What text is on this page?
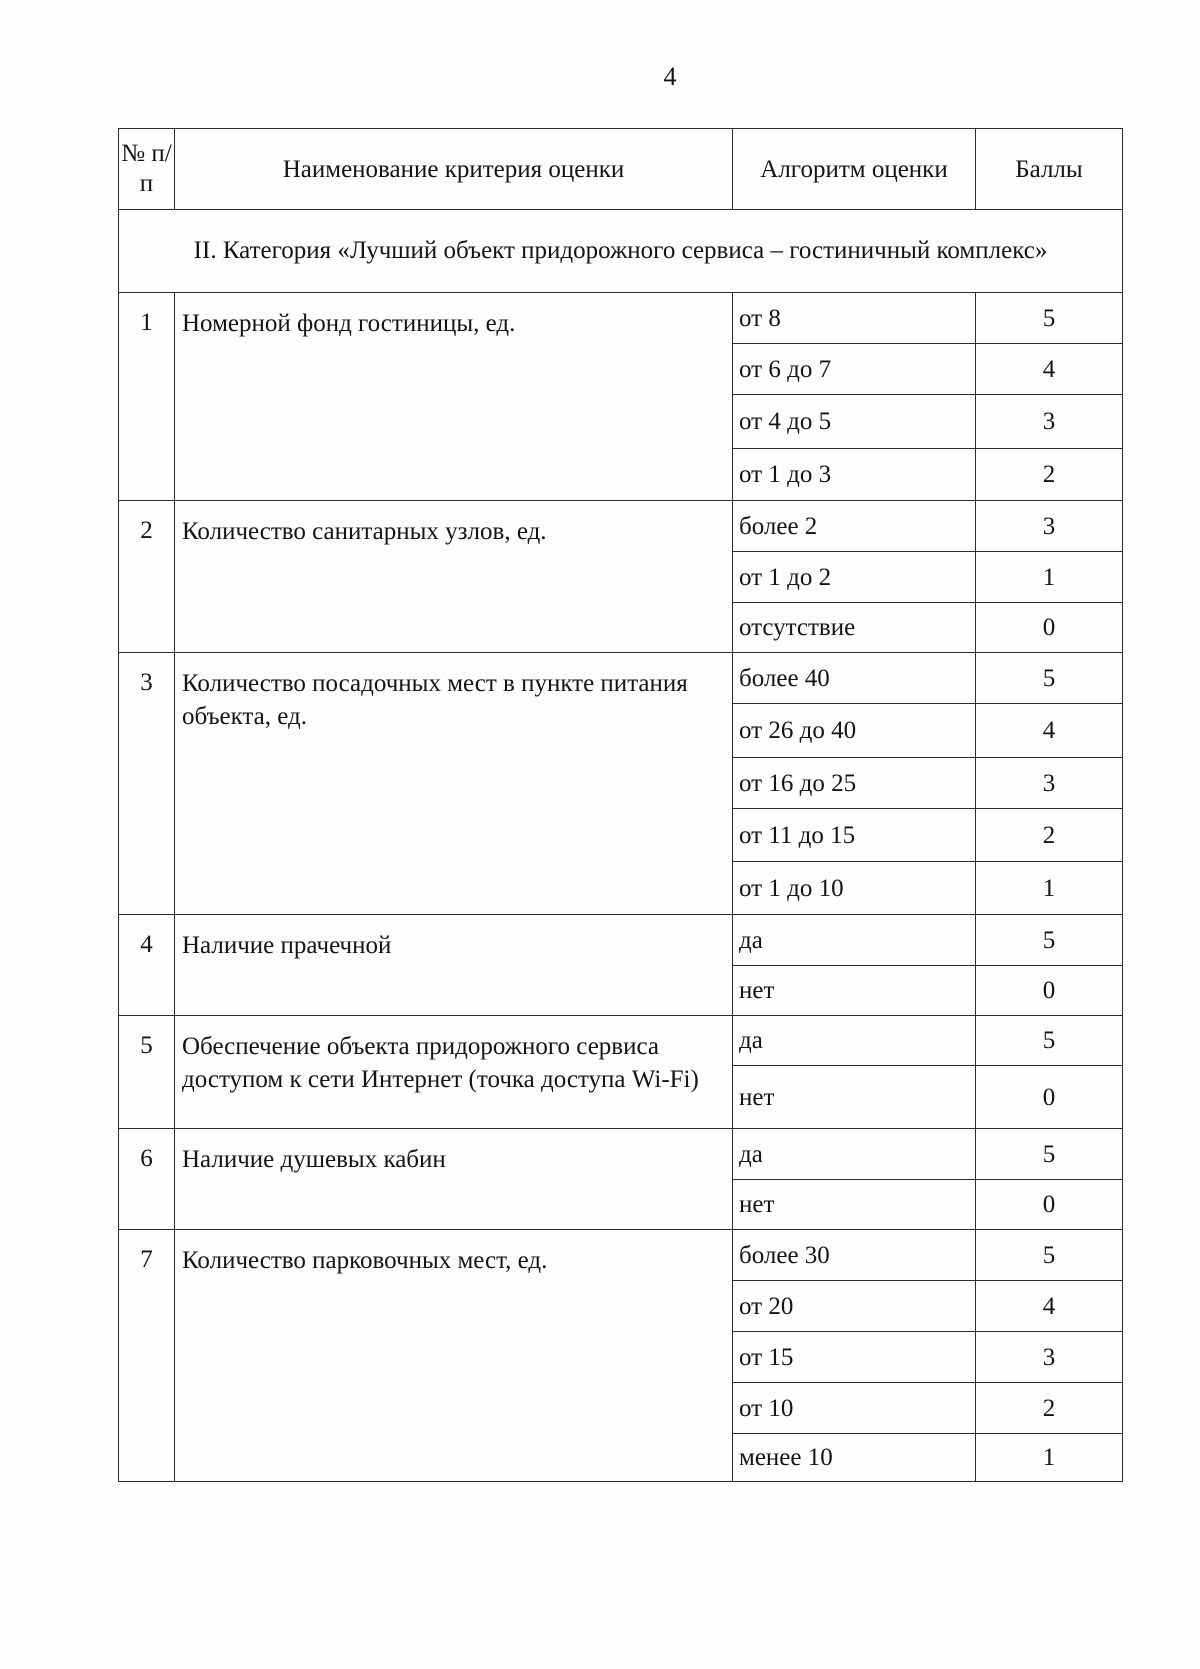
4
№ п/п	Наименование критерия оценки	Алгоритм оценки	Баллы
II. Категория «Лучший объект придорожного сервиса – гостиничный комплекс»			
1	Номерной фонд гостиницы, ед.	от 8	5
		от 6 до 7	4
		от 4 до 5	3
		от 1 до 3	2
2	Количество санитарных узлов, ед.	более 2	3
		от 1 до 2	1
		отсутствие	0
3	Количество посадочных мест в пункте питания объекта, ед.	более 40	5
		от 26 до 40	4
		от 16 до 25	3
		от 11 до 15	2
		от 1 до 10	1
4	Наличие прачечной	да	5
		нет	0
5	Обеспечение объекта придорожного сервиса доступом к сети Интернет (точка доступа Wi-Fi)	да	5
		нет	0
6	Наличие душевых кабин	да	5
		нет	0
7	Количество парковочных мест, ед.	более 30	5
		от 20	4
		от 15	3
		от 10	2
		менее 10	1
